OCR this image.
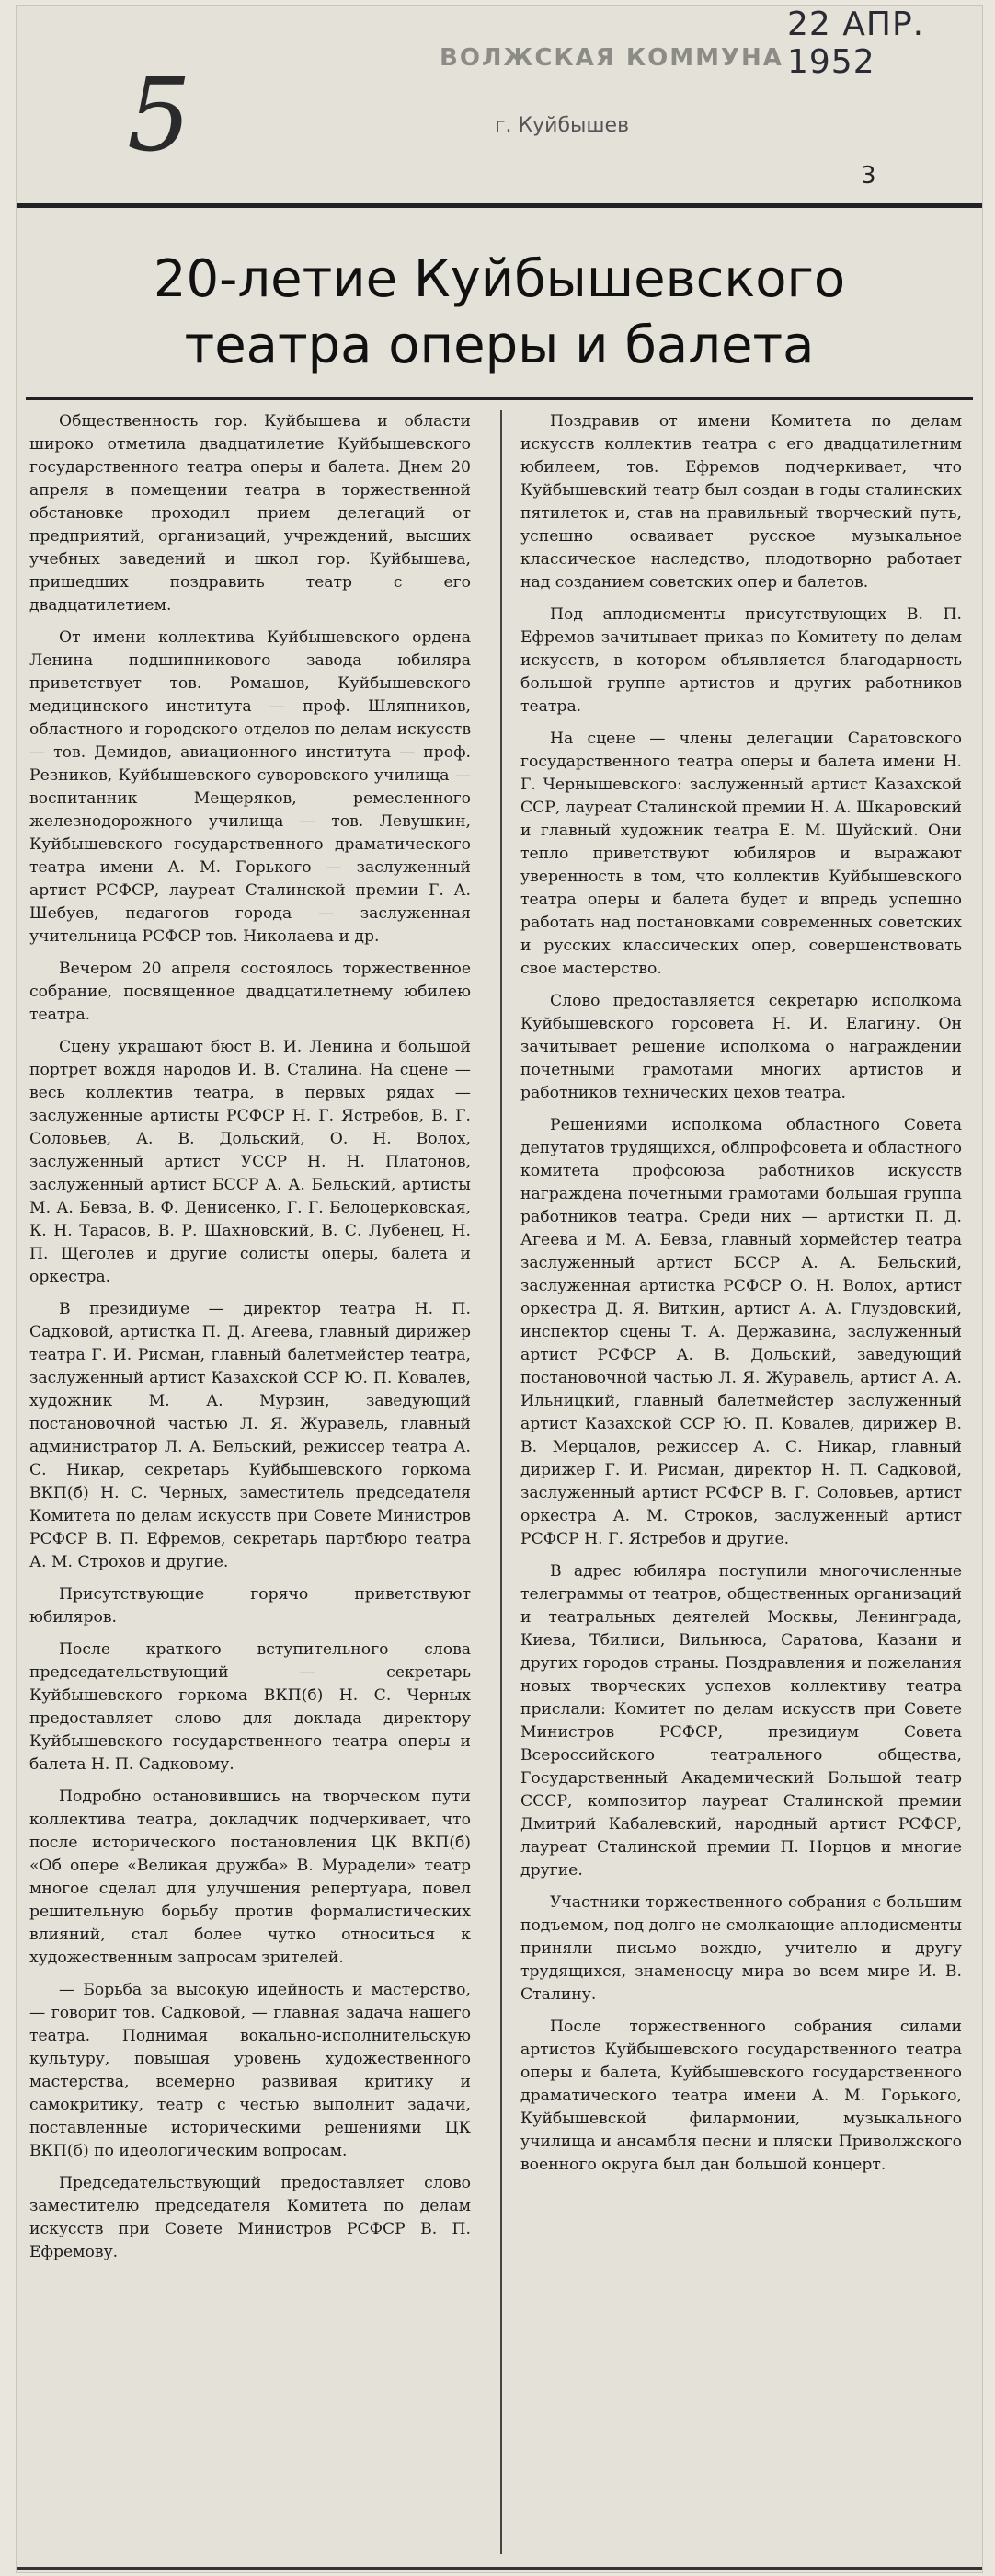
22 АПР. 1952
5	ВОЛЖСКАЯ КОММУНА
г. Куйбышев
3
20-летие Куйбышевского
театра оперы и балета

Общественность гор. Куйбышева и области широко отметила двадцатилетие Куйбышевского государственного театра оперы и балета. Днем 20 апреля в помещении театра в торжественной обстановке проходил прием делегаций от предприятий, организаций, учреждений, высших учебных заведений и школ гор. Куйбышева, пришедших поздравить театр с его двадцатилетием.

От имени коллектива Куйбышевского ордена Ленина подшипникового завода юбиляра приветствует тов. Ромашов, Куйбышевского медицинского института — проф. Шляпников, областного и городского отделов по делам искусств — тов. Демидов, авиационного института — проф. Резников, Куйбышевского суворовского училища — воспитанник Мещеряков, ремесленного железнодорожного училища — тов. Левушкин, Куйбышевского государственного драматического театра имени А. М. Горького — заслуженный артист РСФСР, лауреат Сталинской премии Г. А. Шебуев, педагогов города — заслуженная учительница РСФСР тов. Николаева и др.

Вечером 20 апреля состоялось торжественное собрание, посвященное двадцатилетнему юбилею театра.

Сцену украшают бюст В. И. Ленина и большой портрет вождя народов И. В. Сталина. На сцене — весь коллектив театра, в первых рядах — заслуженные артисты РСФСР Н. Г. Ястребов, В. Г. Соловьев, А. В. Дольский, О. Н. Волох, заслуженный артист УССР Н. Н. Платонов, заслуженный артист БССР А. А. Бельский, артисты М. А. Бевза, В. Ф. Денисенко, Г. Г. Белоцерковская, К. Н. Тарасов, В. Р. Шахновский, В. С. Лубенец, Н. П. Щеголев и другие солисты оперы, балета и оркестра.

В президиуме — директор театра Н. П. Садковой, артистка П. Д. Агеева, главный дирижер театра Г. И. Рисман, главный балетмейстер театра, заслуженный артист Казахской ССР Ю. П. Ковалев, художник М. А. Мурзин, заведующий постановочной частью Л. Я. Журавель, главный администратор Л. А. Бельский, режиссер театра А. С. Никар, секретарь Куйбышевского горкома ВКП(б) Н. С. Черных, заместитель председателя Комитета по делам искусств при Совете Министров РСФСР В. П. Ефремов, секретарь партбюро театра А. М. Строхов и другие.

Присутствующие горячо приветствуют юбиляров.

После краткого вступительного слова председательствующий — секретарь Куйбышевского горкома ВКП(б) Н. С. Черных предоставляет слово для доклада директору Куйбышевского государственного театра оперы и балета Н. П. Садковому.

Подробно остановившись на творческом пути коллектива театра, докладчик подчеркивает, что после исторического постановления ЦК ВКП(б) «Об опере «Великая дружба» В. Мурадели» театр многое сделал для улучшения репертуара, повел решительную борьбу против формалистических влияний, стал более чутко относиться к художественным запросам зрителей.

— Борьба за высокую идейность и мастерство, — говорит тов. Садковой, — главная задача нашего театра. Поднимая вокально-исполнительскую культуру, повышая уровень художественного мастерства, всемерно развивая критику и самокритику, театр с честью выполнит задачи, поставленные историческими решениями ЦК ВКП(б) по идеологическим вопросам.

Председательствующий предоставляет слово заместителю председателя Комитета по делам искусств при Совете Министров РСФСР В. П. Ефремову.

Поздравив от имени Комитета по делам искусств коллектив театра с его двадцатилетним юбилеем, тов. Ефремов подчеркивает, что Куйбышевский театр был создан в годы сталинских пятилеток и, став на правильный творческий путь, успешно осваивает русское музыкальное классическое наследство, плодотворно работает над созданием советских опер и балетов.

Под аплодисменты присутствующих В. П. Ефремов зачитывает приказ по Комитету по делам искусств, в котором объявляется благодарность большой группе артистов и других работников театра.

На сцене — члены делегации Саратовского государственного театра оперы и балета имени Н. Г. Чернышевского: заслуженный артист Казахской ССР, лауреат Сталинской премии Н. А. Шкаровский и главный художник театра Е. М. Шуйский. Они тепло приветствуют юбиляров и выражают уверенность в том, что коллектив Куйбышевского театра оперы и балета будет и впредь успешно работать над постановками современных советских и русских классических опер, совершенствовать свое мастерство.

Слово предоставляется секретарю исполкома Куйбышевского горсовета Н. И. Елагину. Он зачитывает решение исполкома о награждении почетными грамотами многих артистов и работников технических цехов театра.

Решениями исполкома областного Совета депутатов трудящихся, облпрофсовета и областного комитета профсоюза работников искусств награждена почетными грамотами большая группа работников театра. Среди них — артистки П. Д. Агеева и М. А. Бевза, главный хормейстер театра заслуженный артист БССР А. А. Бельский, заслуженная артистка РСФСР О. Н. Волох, артист оркестра Д. Я. Виткин, артист А. А. Глуздовский, инспектор сцены Т. А. Державина, заслуженный артист РСФСР А. В. Дольский, заведующий постановочной частью Л. Я. Журавель, артист А. А. Ильницкий, главный балетмейстер заслуженный артист Казахской ССР Ю. П. Ковалев, дирижер В. В. Мерцалов, режиссер А. С. Никар, главный дирижер Г. И. Рисман, директор Н. П. Садковой, заслуженный артист РСФСР В. Г. Соловьев, артист оркестра А. М. Строков, заслуженный артист РСФСР Н. Г. Ястребов и другие.

В адрес юбиляра поступили многочисленные телеграммы от театров, общественных организаций и театральных деятелей Москвы, Ленинграда, Киева, Тбилиси, Вильнюса, Саратова, Казани и других городов страны. Поздравления и пожелания новых творческих успехов коллективу театра прислали: Комитет по делам искусств при Совете Министров РСФСР, президиум Совета Всероссийского театрального общества, Государственный Академический Большой театр СССР, композитор лауреат Сталинской премии Дмитрий Кабалевский, народный артист РСФСР, лауреат Сталинской премии П. Норцов и многие другие.

Участники торжественного собрания с большим подъемом, под долго не смолкающие аплодисменты приняли письмо вождю, учителю и другу трудящихся, знаменосцу мира во всем мире И. В. Сталину.

После торжественного собрания силами артистов Куйбышевского государственного театра оперы и балета, Куйбышевского государственного драматического театра имени А. М. Горького, Куйбышевской филармонии, музыкального училища и ансамбля песни и пляски Приволжского военного округа был дан большой концерт.
